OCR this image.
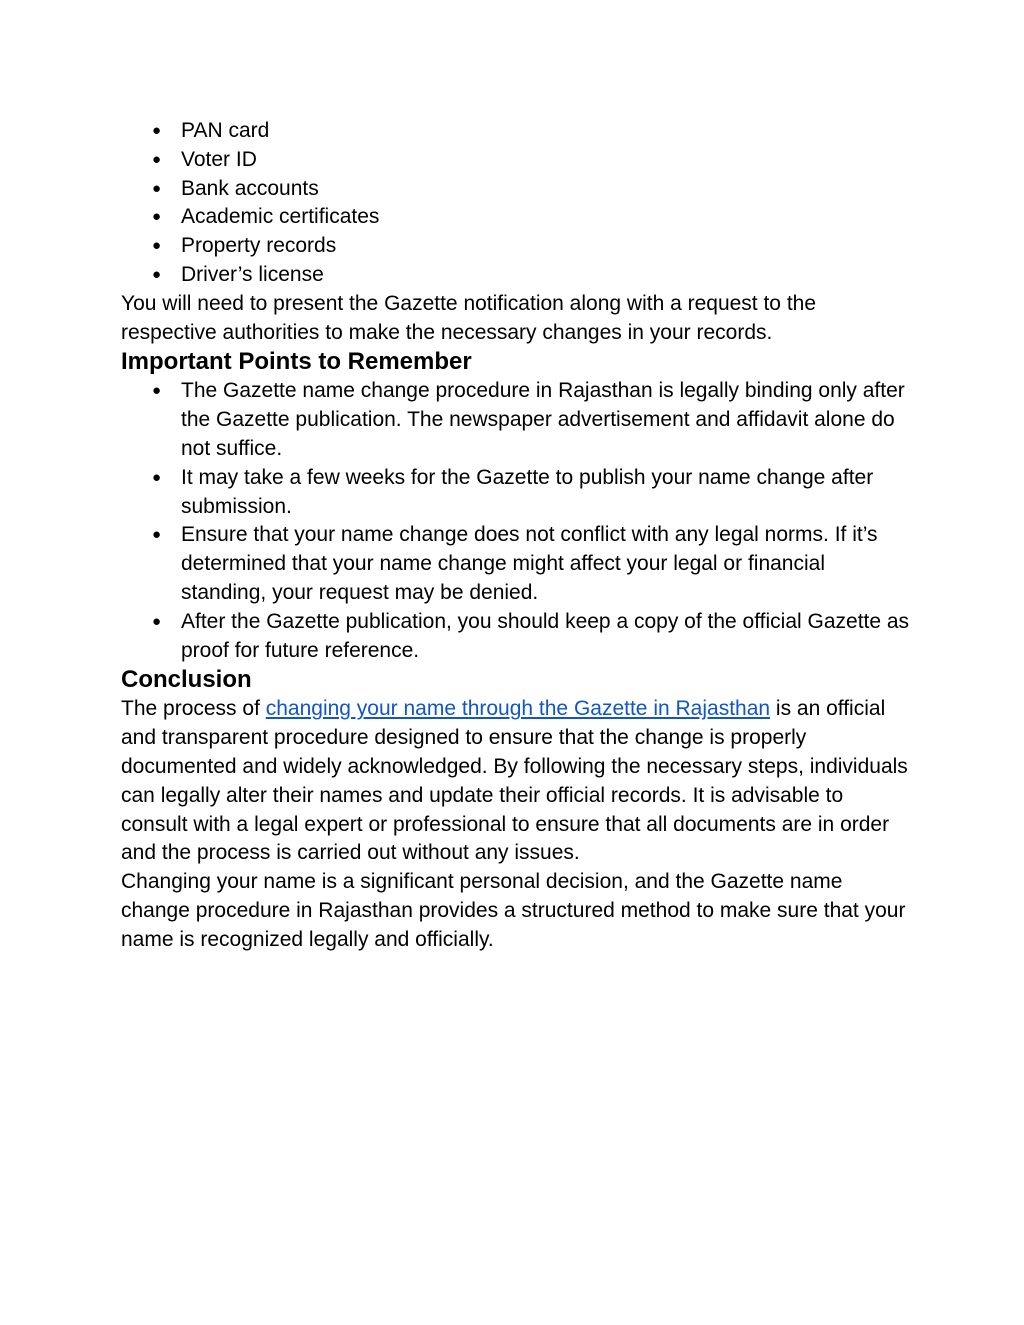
● PAN card
● Voter ID
● Bank accounts
● Academic certificates
● Property records
● Driver’s license

You will need to present the Gazette notification along with a request to the respective authorities to make the necessary changes in your records.

Important Points to Remember
● The Gazette name change procedure in Rajasthan is legally binding only after the Gazette publication. The newspaper advertisement and affidavit alone do not suffice.
● It may take a few weeks for the Gazette to publish your name change after submission.
● Ensure that your name change does not conflict with any legal norms. If it’s determined that your name change might affect your legal or financial standing, your request may be denied.
● After the Gazette publication, you should keep a copy of the official Gazette as proof for future reference.
Conclusion

The process of changing your name through the Gazette in Rajasthan is an official and transparent procedure designed to ensure that the change is properly documented and widely acknowledged. By following the necessary steps, individuals can legally alter their names and update their official records. It is advisable to consult with a legal expert or professional to ensure that all documents are in order and the process is carried out without any issues.

Changing your name is a significant personal decision, and the Gazette name change procedure in Rajasthan provides a structured method to make sure that your name is recognized legally and officially.
